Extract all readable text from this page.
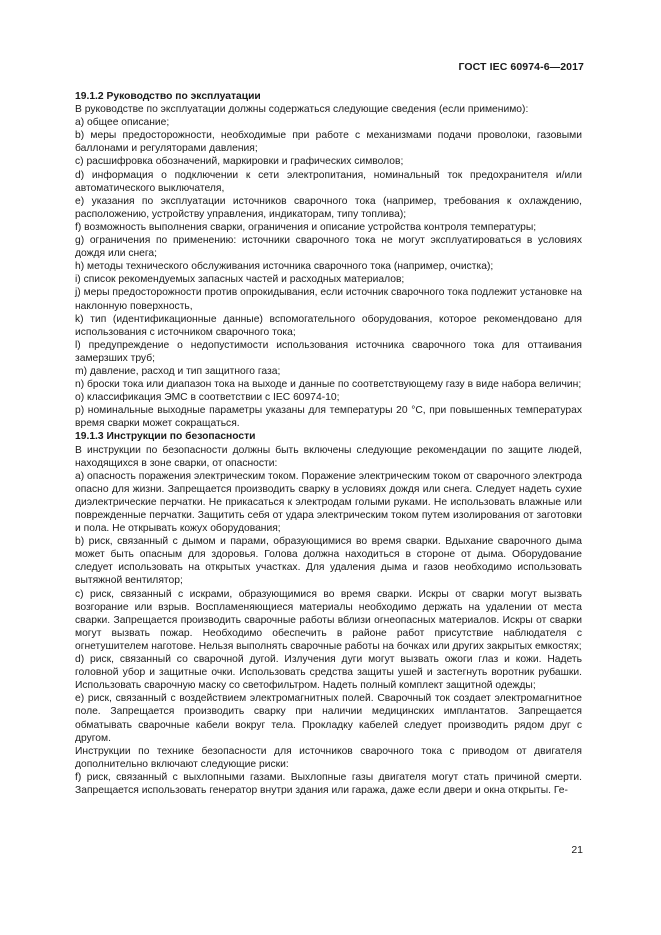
ГОСТ IEC 60974-6—2017

19.1.2 Руководство по эксплуатации

В руководстве по эксплуатации должны содержаться следующие сведения (если применимо):

а) общее описание;

b) меры предосторожности, необходимые при работе с механизмами подачи проволоки, газовыми баллонами и регуляторами давления;

c) расшифровка обозначений, маркировки и графических символов;

d) информация о подключении к сети электропитания, номинальный ток предохранителя и/или автоматического выключателя,

e) указания по эксплуатации источников сварочного тока (например, требования к охлаждению, расположению, устройству управления, индикаторам, типу топлива);

f) возможность выполнения сварки, ограничения и описание устройства контроля температуры;

g) ограничения по применению: источники сварочного тока не могут эксплуатироваться в условиях дождя или снега;

h) методы технического обслуживания источника сварочного тока (например, очистка);

i) список рекомендуемых запасных частей и расходных материалов;

j) меры предосторожности против опрокидывания, если источник сварочного тока подлежит установке на наклонную поверхность,

k) тип (идентификационные данные) вспомогательного оборудования, которое рекомендовано для использования с источником сварочного тока;

l) предупреждение о недопустимости использования источника сварочного тока для оттаивания замерзших труб;

m) давление, расход и тип защитного газа;

n) броски тока или диапазон тока на выходе и данные по соответствующему газу в виде набора величин;

o) классификация ЭМС в соответствии с IEC 60974-10;

p) номинальные выходные параметры указаны для температуры 20 °С, при повышенных температурах время сварки может сокращаться.

19.1.3 Инструкции по безопасности

В инструкции по безопасности должны быть включены следующие рекомендации по защите людей, находящихся в зоне сварки, от опасности:

а) опасность поражения электрическим током. Поражение электрическим током от сварочного электрода опасно для жизни. Запрещается производить сварку в условиях дождя или снега. Следует надеть сухие диэлектрические перчатки. Не прикасаться к электродам голыми руками. Не использовать влажные или поврежденные перчатки. Защитить себя от удара электрическим током путем изолирования от заготовки и пола. Не открывать кожух оборудования;

b) риск, связанный с дымом и парами, образующимися во время сварки. Вдыхание сварочного дыма может быть опасным для здоровья. Голова должна находиться в стороне от дыма. Оборудование следует использовать на открытых участках. Для удаления дыма и газов необходимо использовать вытяжной вентилятор;

c) риск, связанный с искрами, образующимися во время сварки. Искры от сварки могут вызвать возгорание или взрыв. Воспламеняющиеся материалы необходимо держать на удалении от места сварки. Запрещается производить сварочные работы вблизи огнеопасных материалов. Искры от сварки могут вызвать пожар. Необходимо обеспечить в районе работ присутствие наблюдателя с огнетушителем наготове. Нельзя выполнять сварочные работы на бочках или других закрытых емкостях;

d) риск, связанный со сварочной дугой. Излучения дуги могут вызвать ожоги глаз и кожи. Надеть головной убор и защитные очки. Использовать средства защиты ушей и застегнуть воротник рубашки. Использовать сварочную маску со светофильтром. Надеть полный комплект защитной одежды;

e) риск, связанный с воздействием электромагнитных полей. Сварочный ток создает электромагнитное поле. Запрещается производить сварку при наличии медицинских имплантатов. Запрещается обматывать сварочные кабели вокруг тела. Прокладку кабелей следует производить рядом друг с другом.

Инструкции по технике безопасности для источников сварочного тока с приводом от двигателя дополнительно включают следующие риски:

f) риск, связанный с выхлопными газами. Выхлопные газы двигателя могут стать причиной смерти. Запрещается использовать генератор внутри здания или гаража, даже если двери и окна открыты. Ге-

21
